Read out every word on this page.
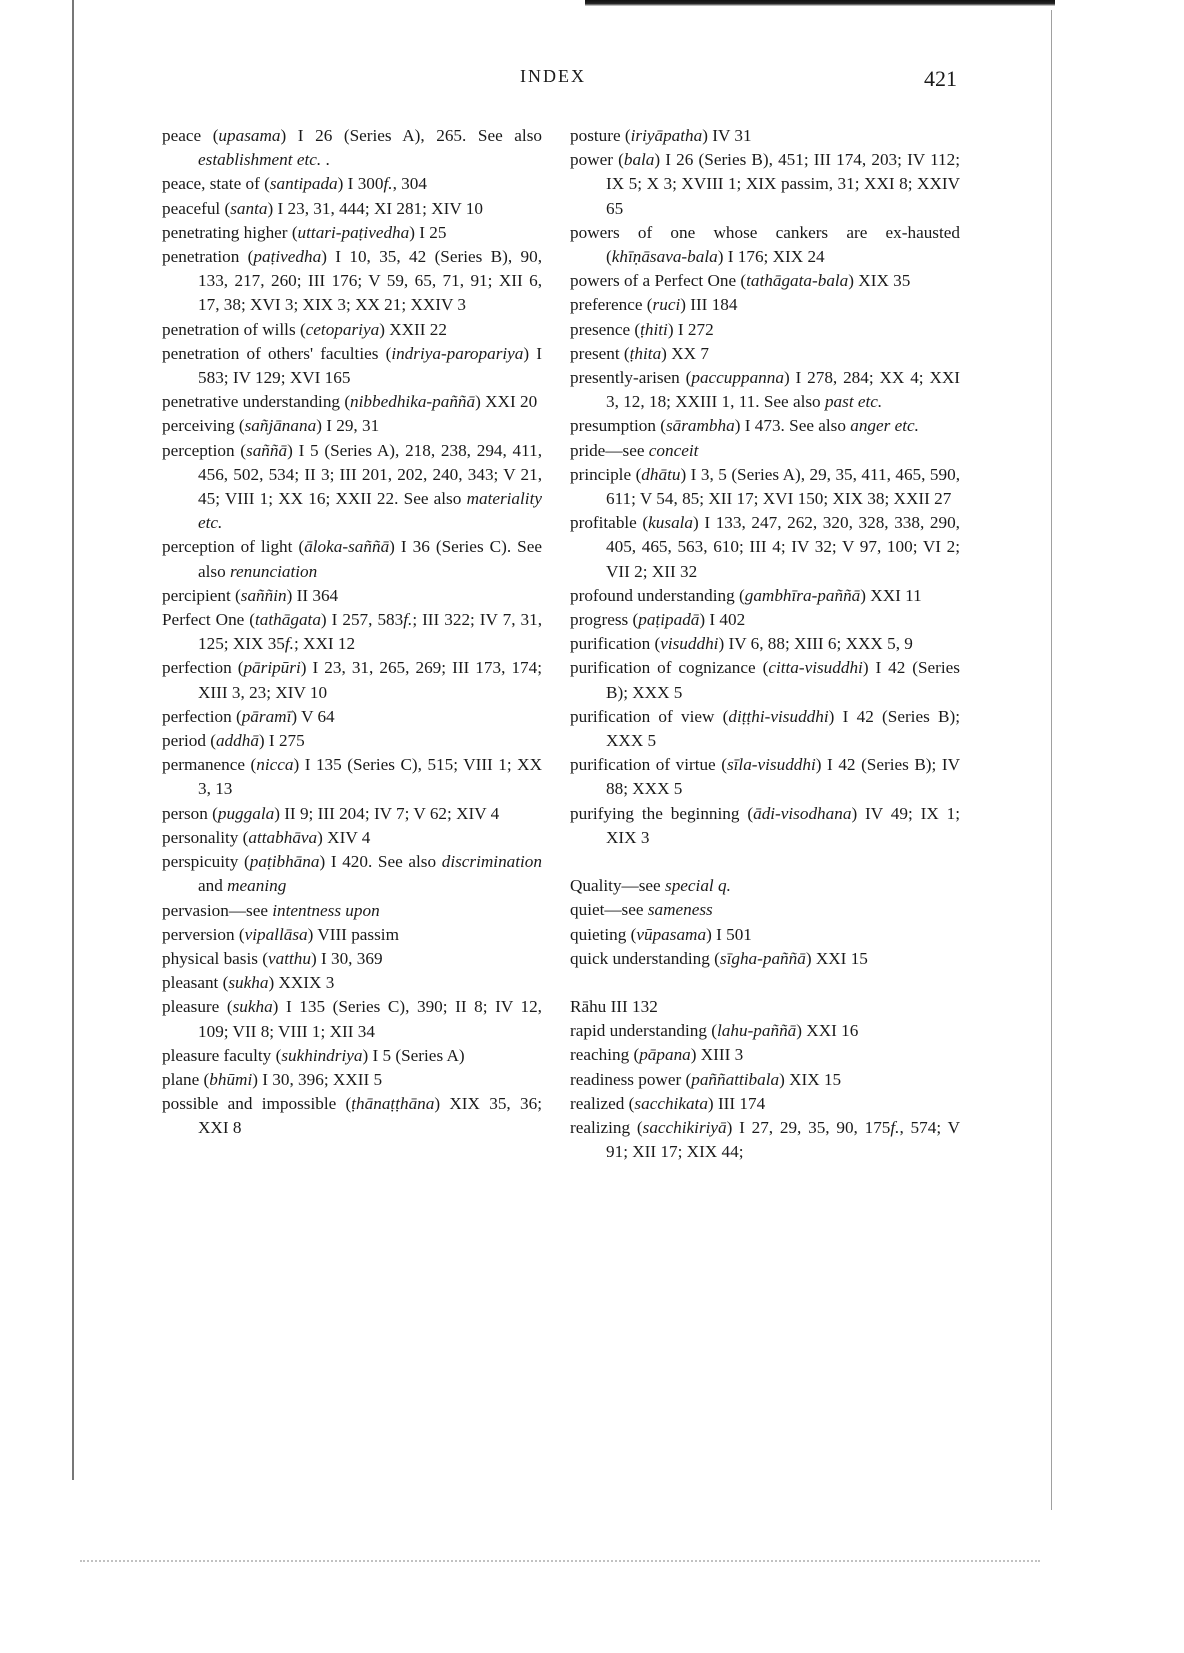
INDEX	421

peace (upasama) I 26 (Series A), 265. See also establishment etc. .

peace, state of (santipada) I 300f., 304

peaceful (santa) I 23, 31, 444; XI 281; XIV 10

penetrating higher (uttari-paṭivedha) I 25

penetration (paṭivedha) I 10, 35, 42 (Series B), 90, 133, 217, 260; III 176; V 59, 65, 71, 91; XII 6, 17, 38; XVI 3; XIX 3; XX 21; XXIV 3

penetration of wills (cetopariya) XXII 22

penetration of others' faculties (indriya-paropariya) I 583; IV 129; XVI 165

penetrative understanding (nibbedhika-paññā) XXI 20

perceiving (sañjānana) I 29, 31

perception (saññā) I 5 (Series A), 218, 238, 294, 411, 456, 502, 534; II 3; III 201, 202, 240, 343; V 21, 45; VIII 1; XX 16; XXII 22. See also materiality etc.

perception of light (āloka-saññā) I 36 (Series C). See also renunciation

percipient (saññin) II 364

Perfect One (tathāgata) I 257, 583f.; III 322; IV 7, 31, 125; XIX 35f.; XXI 12

perfection (pāripūri) I 23, 31, 265, 269; III 173, 174; XIII 3, 23; XIV 10

perfection (pāramī) V 64

period (addhā) I 275

permanence (nicca) I 135 (Series C), 515; VIII 1; XX 3, 13

person (puggala) II 9; III 204; IV 7; V 62; XIV 4

personality (attabhāva) XIV 4

perspicuity (paṭibhāna) I 420. See also discrimination and meaning

pervasion—see intentness upon

perversion (vipallāsa) VIII passim

physical basis (vatthu) I 30, 369

pleasant (sukha) XXIX 3

pleasure (sukha) I 135 (Series C), 390; II 8; IV 12, 109; VII 8; VIII 1; XII 34

pleasure faculty (sukhindriya) I 5 (Series A)

plane (bhūmi) I 30, 396; XXII 5

possible and impossible (ṭhānaṭṭhāna) XIX 35, 36; XXI 8

posture (iriyāpatha) IV 31

power (bala) I 26 (Series B), 451; III 174, 203; IV 112; IX 5; X 3; XVIII 1; XIX passim, 31; XXI 8; XXIV 65

powers of one whose cankers are ex-hausted (khīṇāsava-bala) I 176; XIX 24

powers of a Perfect One (tathāgata-bala) XIX 35

preference (ruci) III 184

presence (ṭhiti) I 272

present (ṭhita) XX 7

presently-arisen (paccuppanna) I 278, 284; XX 4; XXI 3, 12, 18; XXIII 1, 11. See also past etc.

presumption (sārambha) I 473. See also anger etc.

pride—see conceit

principle (dhātu) I 3, 5 (Series A), 29, 35, 411, 465, 590, 611; V 54, 85; XII 17; XVI 150; XIX 38; XXII 27

profitable (kusala) I 133, 247, 262, 320, 328, 338, 290, 405, 465, 563, 610; III 4; IV 32; V 97, 100; VI 2; VII 2; XII 32

profound understanding (gambhīra-paññā) XXI 11

progress (paṭipadā) I 402

purification (visuddhi) IV 6, 88; XIII 6; XXX 5, 9

purification of cognizance (citta-visuddhi) I 42 (Series B); XXX 5

purification of view (diṭṭhi-visuddhi) I 42 (Series B); XXX 5

purification of virtue (sīla-visuddhi) I 42 (Series B); IV 88; XXX 5

purifying the beginning (ādi-visodhana) IV 49; IX 1; XIX 3

Quality—see special q.

quiet—see sameness

quieting (vūpasama) I 501

quick understanding (sīgha-paññā) XXI 15

Rāhu III 132

rapid understanding (lahu-paññā) XXI 16

reaching (pāpana) XIII 3

readiness power (paññattibala) XIX 15

realized (sacchikata) III 174

realizing (sacchikiriyā) I 27, 29, 35, 90, 175f., 574; V 91; XII 17; XIX 44;
